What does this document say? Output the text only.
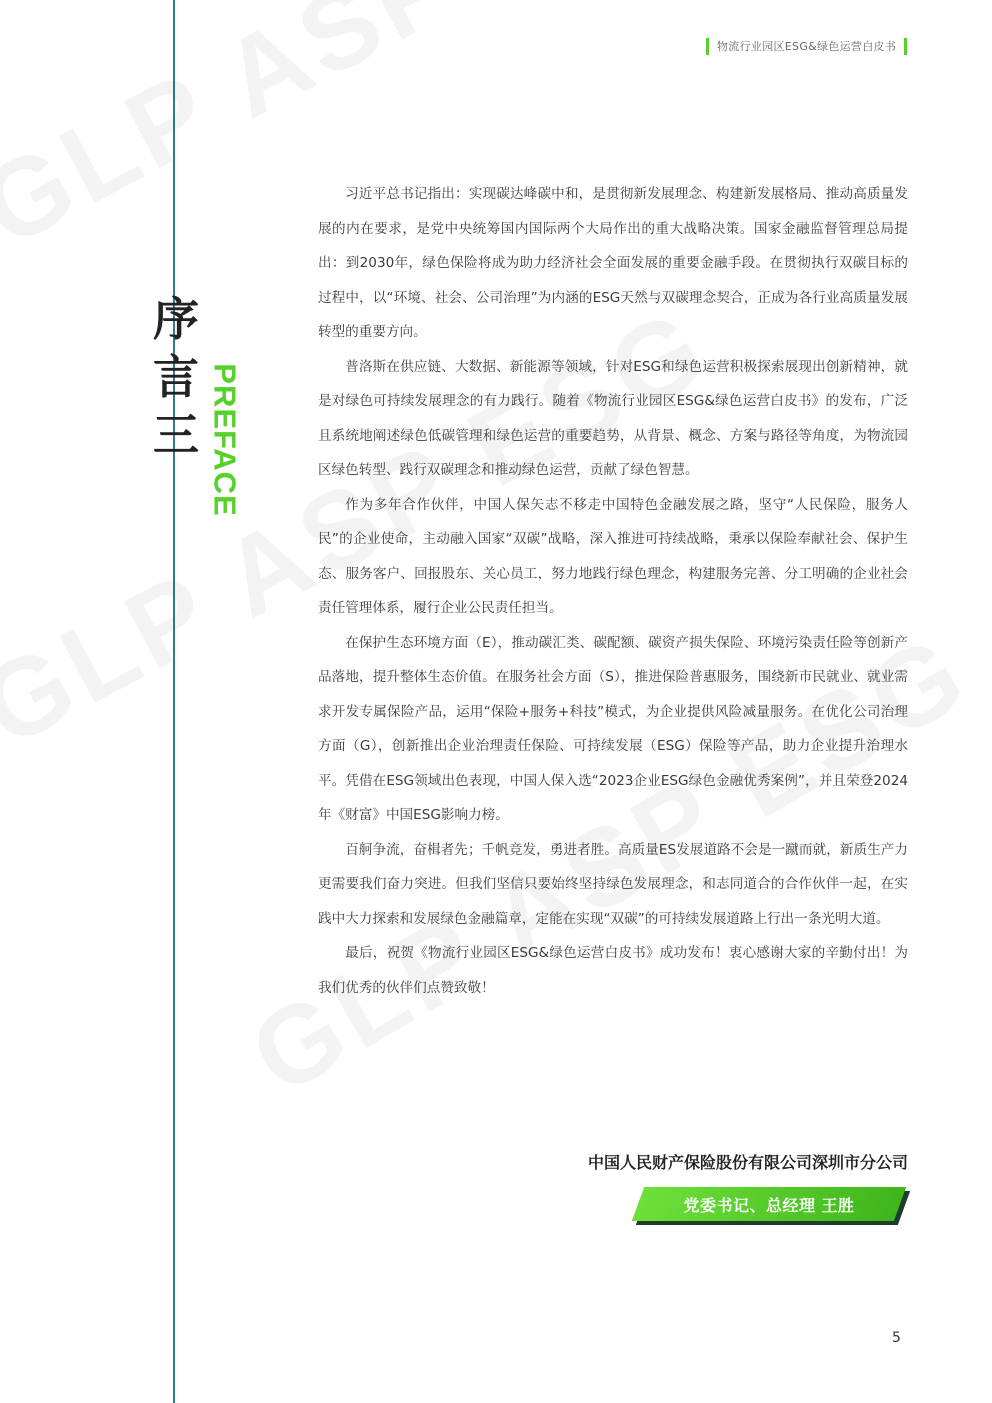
物流行业园区ESG&绿色运营白皮书
序
言
三 PREFACE

习近平总书记指出：实现碳达峰碳中和，是贯彻新发展理念、构建新发展格局、推动高质量发展的内在要求，是党中央统筹国内国际两个大局作出的重大战略决策。国家金融监督管理总局提出：到2030年，绿色保险将成为助力经济社会全面发展的重要金融手段。在贯彻执行双碳目标的过程中，以“环境、社会、公司治理”为内涵的ESG天然与双碳理念契合，正成为各行业高质量发展转型的重要方向。

普洛斯在供应链、大数据、新能源等领域，针对ESG和绿色运营积极探索展现出创新精神，就是对绿色可持续发展理念的有力践行。随着《物流行业园区ESG&绿色运营白皮书》的发布，广泛且系统地阐述绿色低碳管理和绿色运营的重要趋势，从背景、概念、方案与路径等角度，为物流园区绿色转型、践行双碳理念和推动绿色运营，贡献了绿色智慧。

作为多年合作伙伴，中国人保矢志不移走中国特色金融发展之路，坚守“人民保险，服务人民”的企业使命，主动融入国家“双碳”战略，深入推进可持续战略，秉承以保险奉献社会、保护生态、服务客户、回报股东、关心员工，努力地践行绿色理念，构建服务完善、分工明确的企业社会责任管理体系，履行企业公民责任担当。

在保护生态环境方面（E），推动碳汇类、碳配额、碳资产损失保险、环境污染责任险等创新产品落地，提升整体生态价值。在服务社会方面（S），推进保险普惠服务，围绕新市民就业、就业需求开发专属保险产品，运用“保险+服务+科技”模式，为企业提供风险减量服务。在优化公司治理方面（G），创新推出企业治理责任保险、可持续发展（ESG）保险等产品，助力企业提升治理水平。凭借在ESG领域出色表现，中国人保入选“2023企业ESG绿色金融优秀案例”，并且荣登2024年《财富》中国ESG影响力榜。

百舸争流，奋楫者先；千帆竞发，勇进者胜。高质量ES发展道路不会是一蹴而就，新质生产力更需要我们奋力突进。但我们坚信只要始终坚持绿色发展理念，和志同道合的合作伙伴一起，在实践中大力探索和发展绿色金融篇章，定能在实现“双碳”的可持续发展道路上行出一条光明大道。

最后，祝贺《物流行业园区ESG&绿色运营白皮书》成功发布！衷心感谢大家的辛勤付出！为我们优秀的伙伴们点赞致敬！

中国人民财产保险股份有限公司深圳市分公司
党委书记、总经理 王胜
5
